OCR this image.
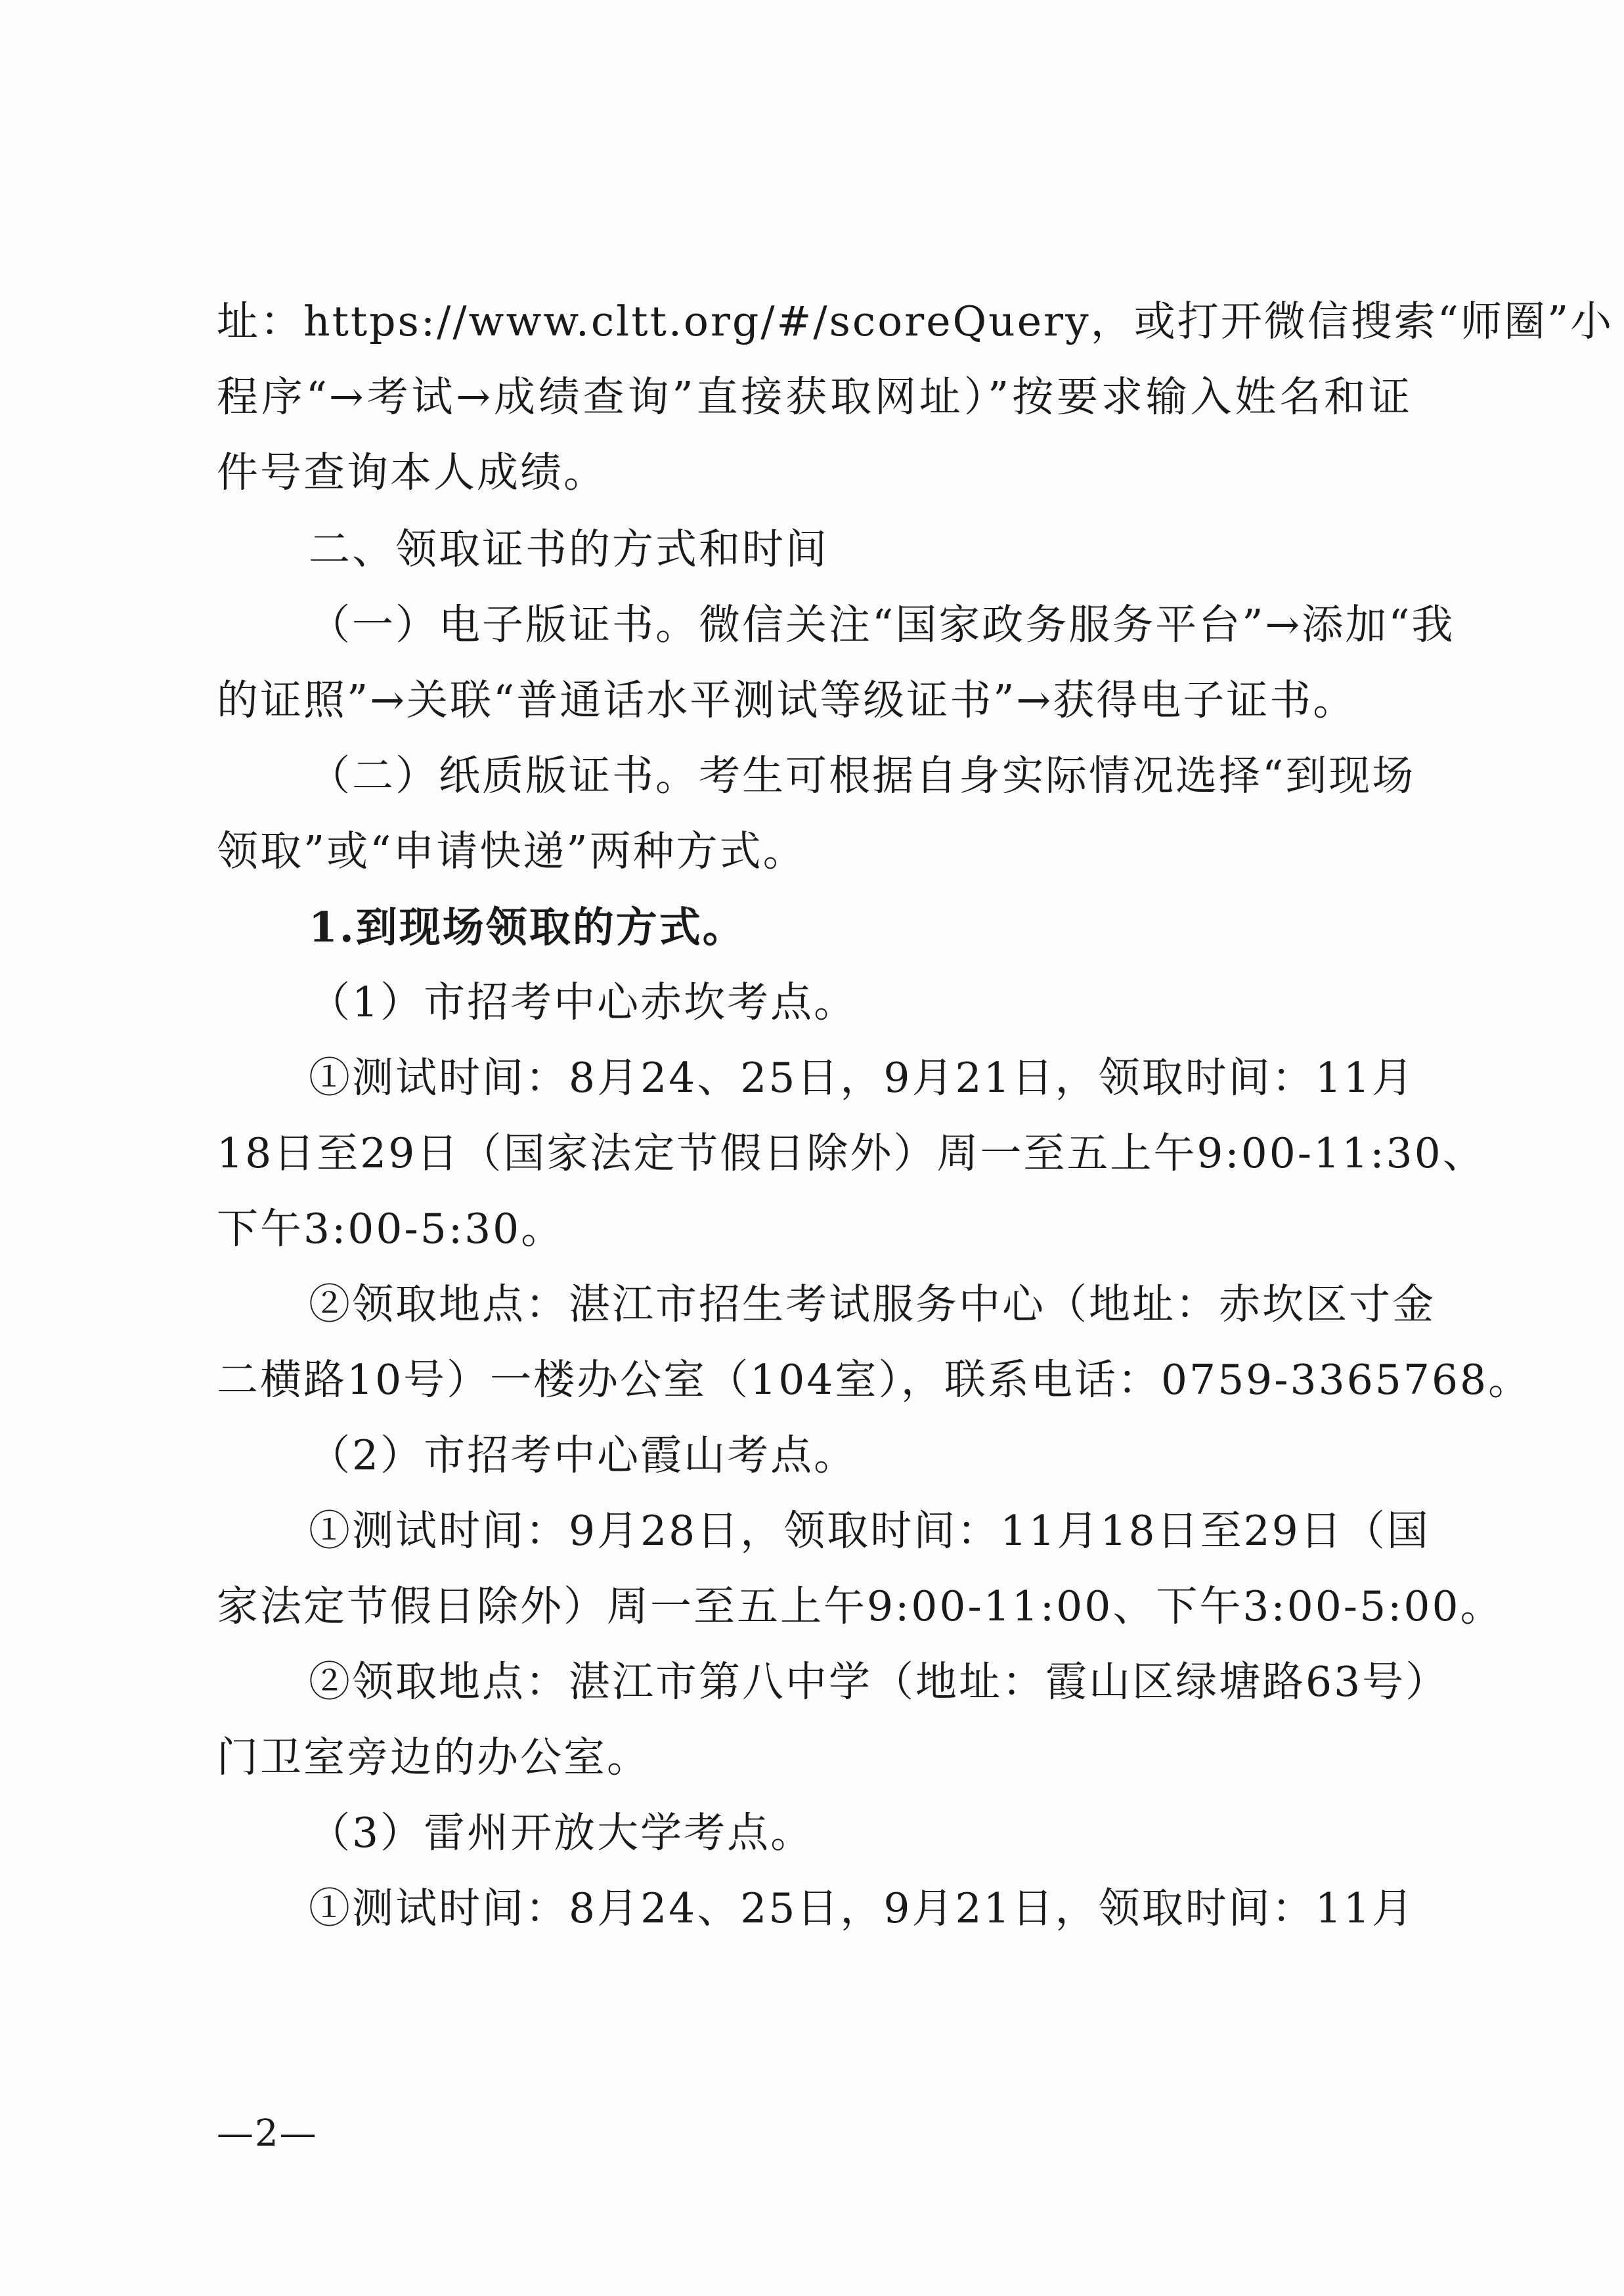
址：https://www.cltt.org/#/scoreQuery，或打开微信搜索“师圈”小
程序“→考试→成绩查询”直接获取网址）”按要求输入姓名和证
件号查询本人成绩。
二、领取证书的方式和时间
（一）电子版证书。微信关注“国家政务服务平台”→添加“我
的证照”→关联“普通话水平测试等级证书”→获得电子证书。
（二）纸质版证书。考生可根据自身实际情况选择“到现场
领取”或“申请快递”两种方式。
1.到现场领取的方式。
（1）市招考中心赤坎考点。
①测试时间：8月24、25日，9月21日，领取时间：11月
18日至29日（国家法定节假日除外）周一至五上午9:00-11:30、
下午3:00-5:30。
②领取地点：湛江市招生考试服务中心（地址：赤坎区寸金
二横路10号）一楼办公室（104室），联系电话：0759-3365768。
（2）市招考中心霞山考点。
①测试时间：9月28日，领取时间：11月18日至29日（国
家法定节假日除外）周一至五上午9:00-11:00、下午3:00-5:00。
②领取地点：湛江市第八中学（地址：霞山区绿塘路63号）
门卫室旁边的办公室。
（3）雷州开放大学考点。
①测试时间：8月24、25日，9月21日，领取时间：11月
—2—
